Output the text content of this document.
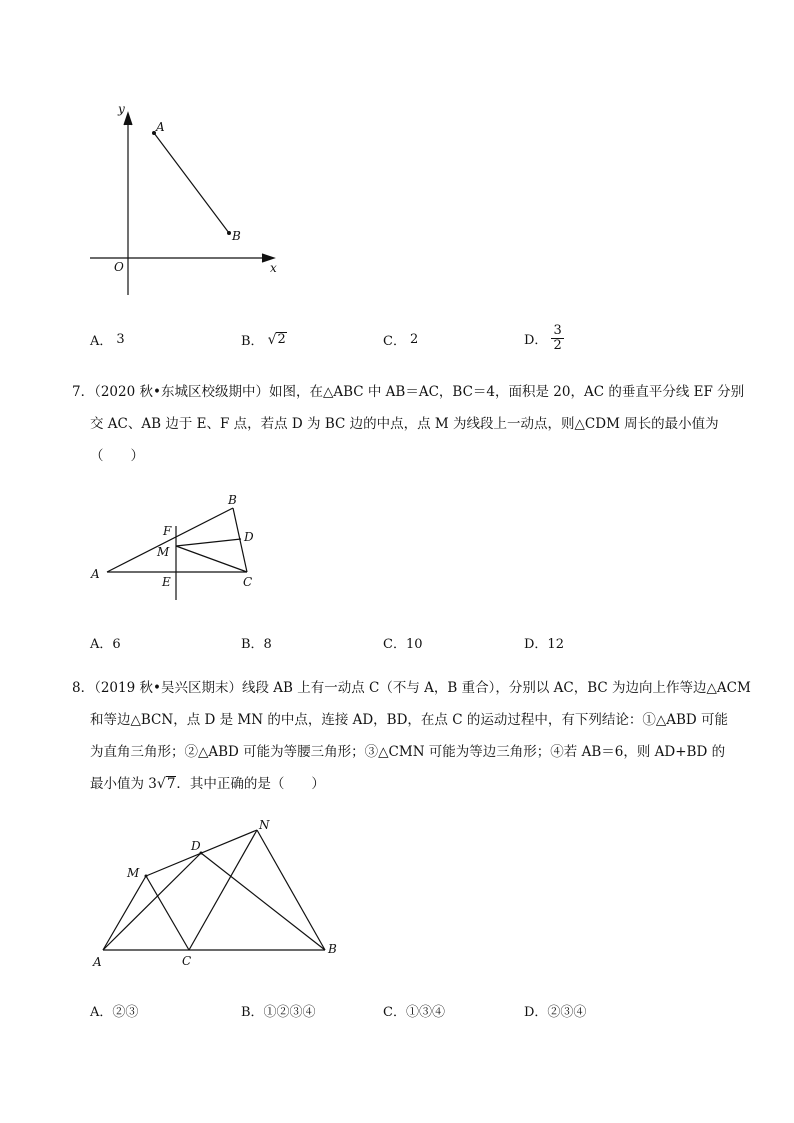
y
x
O
A
B
A． 3	B． √ 2	C． 2	D． $\frac{3}{2}$

7．（2020 秋•东城区校级期中）如图，在△ABC 中 AB＝AC，BC＝4，面积是 20，AC 的垂直平分线 EF 分别

交 AC、AB 边于 E、F 点，若点 D 为 BC 边的中点，点 M 为线段上一动点，则△CDM 周长的最小值为

（　　）

A
B
C
D
E
F
M
A．6	B．8	C．10	D．12

8．（2019 秋•吴兴区期末）线段 AB 上有一动点 C（不与 A，B 重合），分别以 AC，BC 为边向上作等边△ACM

和等边△BCN，点 D 是 MN 的中点，连接 AD，BD，在点 C 的运动过程中，有下列结论：①△ABD 可能

为直角三角形；②△ABD 可能为等腰三角形；③△CMN 可能为等边三角形；④若 AB＝6，则 AD+BD 的

最小值为 3 √ 7 ．其中正确的是（　　）

A
B
C
D
M
N
A．②③	B．①②③④	C．①③④	D．②③④
